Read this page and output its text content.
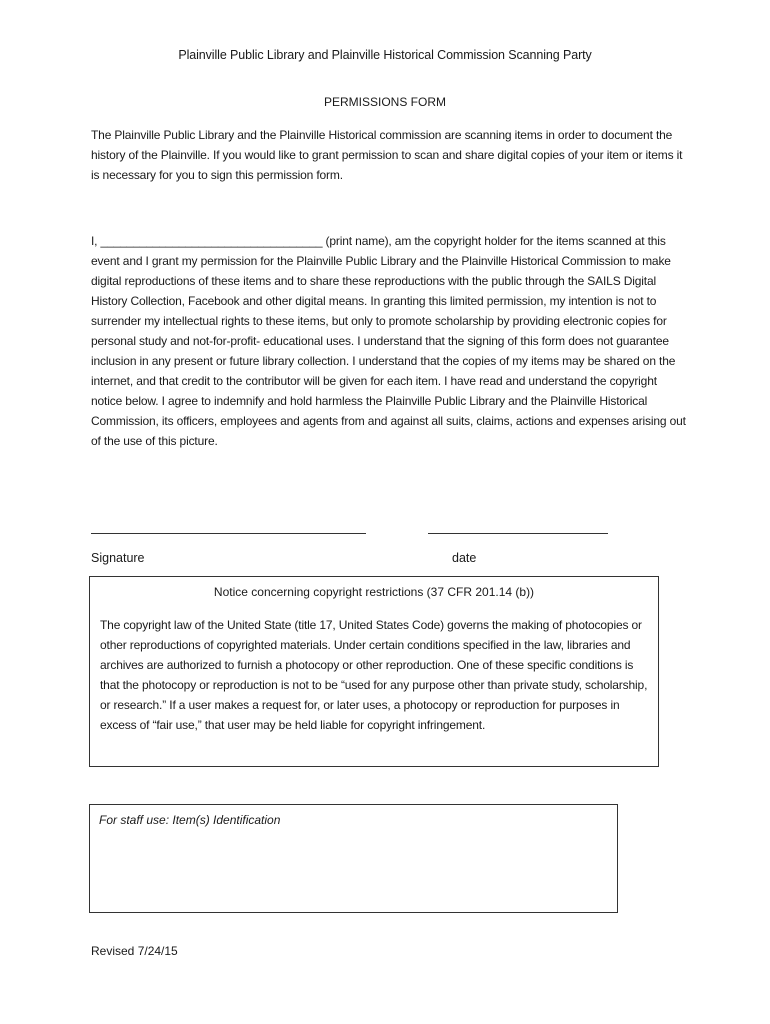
Plainville Public Library and Plainville Historical Commission Scanning Party
PERMISSIONS FORM
The Plainville Public Library and the Plainville Historical commission are scanning items in order to document the history of the Plainville. If you would like to grant permission to scan and share digital copies of your item or items it is necessary for you to sign this permission form.
I, __________________________________ (print name), am the copyright holder for the items scanned at this event and I grant my permission for the Plainville Public Library and the Plainville Historical Commission to make digital reproductions of these items and to share these reproductions with the public through the SAILS Digital History Collection, Facebook and other digital means. In granting this limited permission, my intention is not to surrender my intellectual rights to these items, but only to promote scholarship by providing electronic copies for personal study and not-for-profit- educational uses. I understand that the signing of this form does not guarantee inclusion in any present or future library collection. I understand that the copies of my items may be shared on the internet, and that credit to the contributor will be given for each item. I have read and understand the copyright notice below. I agree to indemnify and hold harmless the Plainville Public Library and the Plainville Historical Commission, its officers, employees and agents from and against all suits, claims, actions and expenses arising out of the use of this picture.
Signature	date
Notice concerning copyright restrictions (37 CFR 201.14 (b))
The copyright law of the United State (title 17, United States Code) governs the making of photocopies or other reproductions of copyrighted materials. Under certain conditions specified in the law, libraries and archives are authorized to furnish a photocopy or other reproduction. One of these specific conditions is that the photocopy or reproduction is not to be “used for any purpose other than private study, scholarship, or research.” If a user makes a request for, or later uses, a photocopy or reproduction for purposes in excess of “fair use,” that user may be held liable for copyright infringement.
For staff use: Item(s) Identification
Revised 7/24/15
